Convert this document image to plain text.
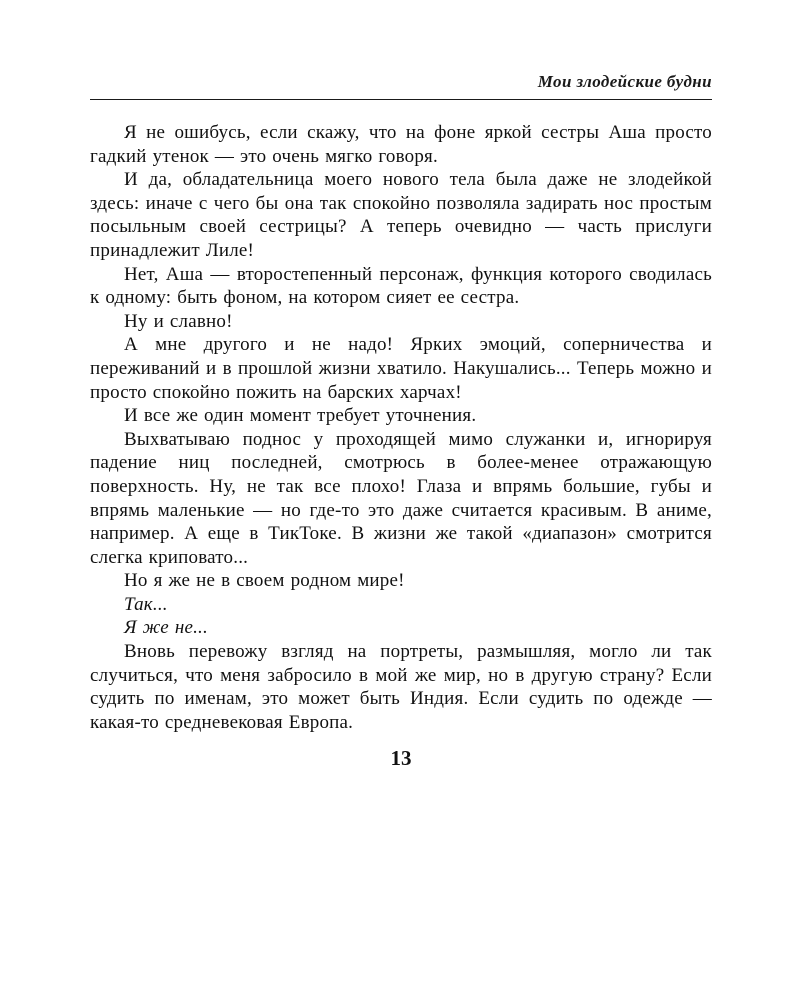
Мои злодейские будни

Я не ошибусь, если скажу, что на фоне яркой сестры Аша просто гадкий утенок — это очень мягко говоря.

И да, обладательница моего нового тела была даже не злодейкой здесь: иначе с чего бы она так спокойно позволяла задирать нос простым посыльным своей сестрицы? А теперь очевидно — часть прислуги принадлежит Лиле!

Нет, Аша — второстепенный персонаж, функция которого сводилась к одному: быть фоном, на котором сияет ее сестра.

Ну и славно!

А мне другого и не надо! Ярких эмоций, соперничества и переживаний и в прошлой жизни хватило. Накушались... Теперь можно и просто спокойно пожить на барских харчах!

И все же один момент требует уточнения.

Выхватываю поднос у проходящей мимо служанки и, игнорируя падение ниц последней, смотрюсь в более-менее отражающую поверхность. Ну, не так все плохо! Глаза и впрямь большие, губы и впрямь маленькие — но где-то это даже считается красивым. В аниме, например. А еще в ТикТоке. В жизни же такой «диапазон» смотрится слегка криповато...

Но я же не в своем родном мире!

Так...

Я же не...

Вновь перевожу взгляд на портреты, размышляя, могло ли так случиться, что меня забросило в мой же мир, но в другую страну? Если судить по именам, это может быть Индия. Если судить по одежде — какая-то средневековая Европа.

13
